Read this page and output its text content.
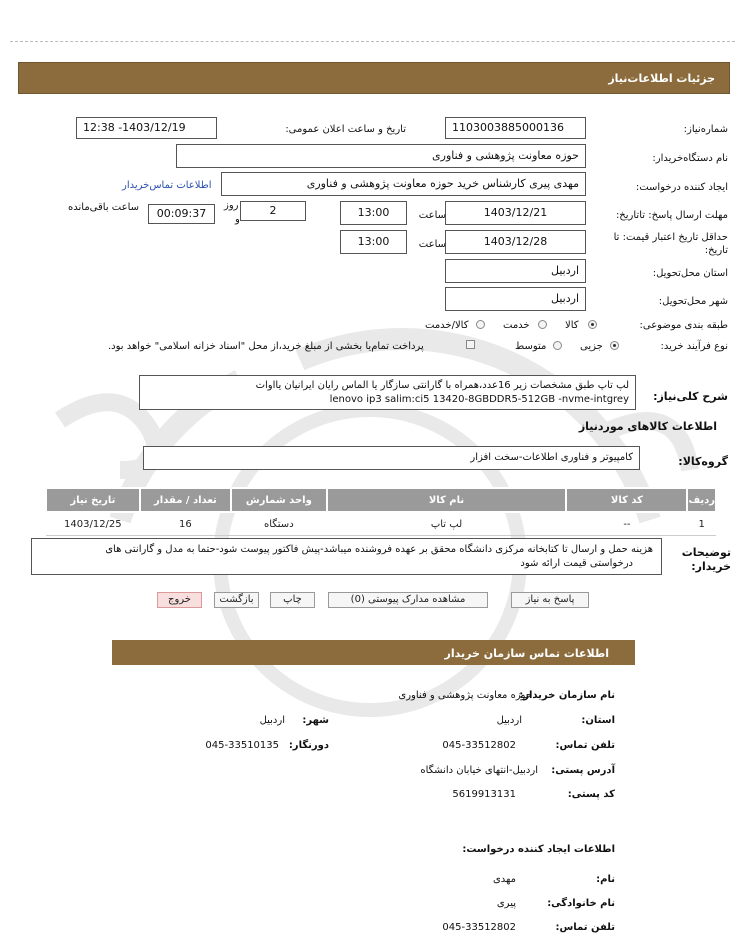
جزئیات اطلاعات‌نیاز
شماره‌نیاز:
1103003885000136
تاریخ و ساعت اعلان عمومی:
1403/12/19- 12:38
نام دستگاه‌خریدار:
حوزه معاونت پژوهشی و فناوری
ایجاد کننده درخواست:
مهدی پیری کارشناس خرید حوزه معاونت پژوهشی و فناوری
اطلاعات تماس‌خریدار
مهلت ارسال پاسخ: تاتاریخ:
1403/12/21
ساعت
13:00
2
روز
و
00:09:37
ساعت باقی‌مانده
حداقل تاریخ اعتبار قیمت: تا
تاریخ:
1403/12/28
ساعت
13:00
استان محل‌تحویل:
اردبیل
شهر محل‌تحویل:
اردبیل
طبقه بندی موضوعی:
کالا
خدمت
کالا/خدمت
نوع فرآیند خرید:
جزیی
متوسط
پرداخت تمام‌یا بخشی از مبلغ خرید،از محل "اسناد خزانه اسلامی" خواهد بود.
شرح کلی‌نیاز:
لپ تاپ طبق مشخصات زیر 16عدد،همراه با گارانتی سازگار یا الماس رایان ایرانیان یااوات
lenovo ip3 salim:ci5 13420-8GBDDR5-512GB -nvme-intgrey
اطلاعات کالاهای موردنیاز
گروه‌کالا:
کامپیوتر و فناوری اطلاعات-سخت افزار
ردیف	کد کالا	نام کالا	واحد شمارش	تعداد / مقدار	تاریخ نیاز
1	--	لپ تاپ	دستگاه	16	1403/12/25
توضیحات
خریدار:
هزینه حمل و ارسال تا کتابخانه مرکزی دانشگاه محقق بر عهده فروشنده میباشد-پیش فاکتور پیوست شود-حتما به مدل و گارانتی های
درخواستی قیمت ارائه شود
پاسخ به نیاز
مشاهده مدارک پیوستی (0)
چاپ
بازگشت
خروج
اطلاعات تماس سازمان خریدار
نام سازمان خریدار:
حوزه معاونت پژوهشی و فناوری
استان:
اردبیل
شهر:
اردبیل
تلفن تماس:
045-33512802
دورنگار:
045-33510135
آدرس پستی:
اردبیل-انتهای خیابان دانشگاه
کد پستی:
5619913131
اطلاعات ایجاد کننده درخواست:
نام:
مهدی
نام خانوادگی:
پیری
تلفن تماس:
045-33512802
